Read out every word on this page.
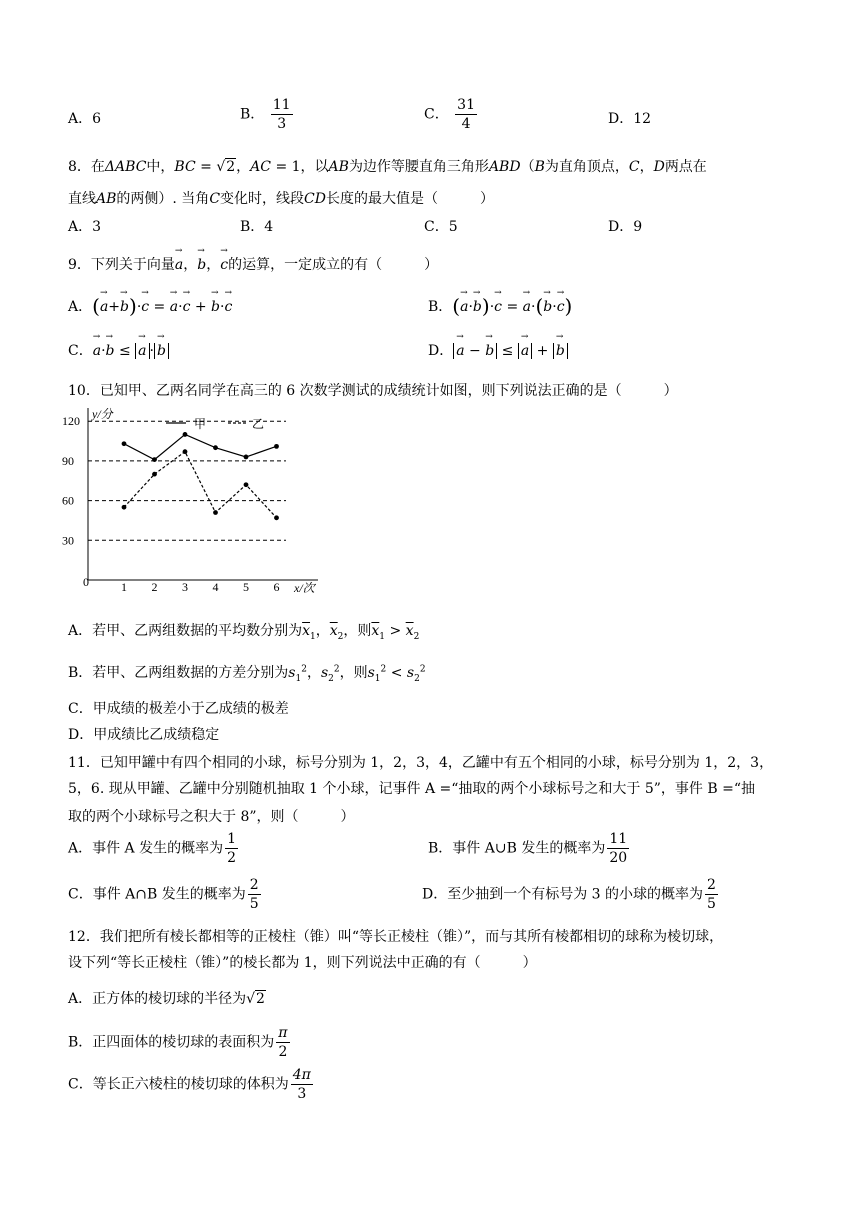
A．6	B． $\frac{11}{3}$	C． $\frac{31}{4}$	D．12
8．在ΔABC中，BC = √2，AC = 1，以AB为边作等腰直角三角形ABD（B为直角顶点，C，D两点在
直线AB的两侧）. 当角C变化时，线段CD长度的最大值是（　　　）
A．3	B．4	C．5	D．9
9．下列关于向量→ a，→ b，→ c的运算，一定成立的有（　　　）
A．(→ a+→ b)·→ c = → a·→ c + → b·→ c	B．(→ a·→ b)·→ c = → a·(→ b·→ c)
C．→ a·→ b ≤ → a · → b	D． → a − → b ≤ → a + → b
10．已知甲、乙两名同学在高三的 6 次数学测试的成绩统计如图，则下列说法正确的是（　　　）
y/分
x/次
0
甲	乙
30
60
90
120
1 2 3 4 5 6
A．若甲、乙两组数据的平均数分别为$\overline{x}_1$，$\overline{x}_2$，则$\overline{x}_1 > \overline{x}_2$
B．若甲、乙两组数据的方差分别为$s_1^2$，$s_2^2$，则$s_1^2 < s_2^2$
C．甲成绩的极差小于乙成绩的极差
D．甲成绩比乙成绩稳定
11．已知甲罐中有四个相同的小球，标号分别为 1，2，3，4，乙罐中有五个相同的小球，标号分别为 1，2，3，
5，6. 现从甲罐、乙罐中分别随机抽取 1 个小球，记事件 A =“抽取的两个小球标号之和大于 5”，事件 B =“抽
取的两个小球标号之积大于 8”，则（　　　）
A．事件 A 发生的概率为 $\frac{1}{2}$	B．事件 A∪B 发生的概率为 $\frac{11}{20}$
C．事件 A∩B 发生的概率为 $\frac{2}{5}$	D．至少抽到一个有标号为 3 的小球的概率为 $\frac{2}{5}$
12．我们把所有棱长都相等的正棱柱（锥）叫“等长正棱柱（锥）”，而与其所有棱都相切的球称为棱切球，
设下列“等长正棱柱（锥）”的棱长都为 1，则下列说法中正确的有（　　　）
A．正方体的棱切球的半径为√2
B．正四面体的棱切球的表面积为 $\frac{\pi}{2}$
C．等长正六棱柱的棱切球的体积为 $\frac{4\pi}{3}$
